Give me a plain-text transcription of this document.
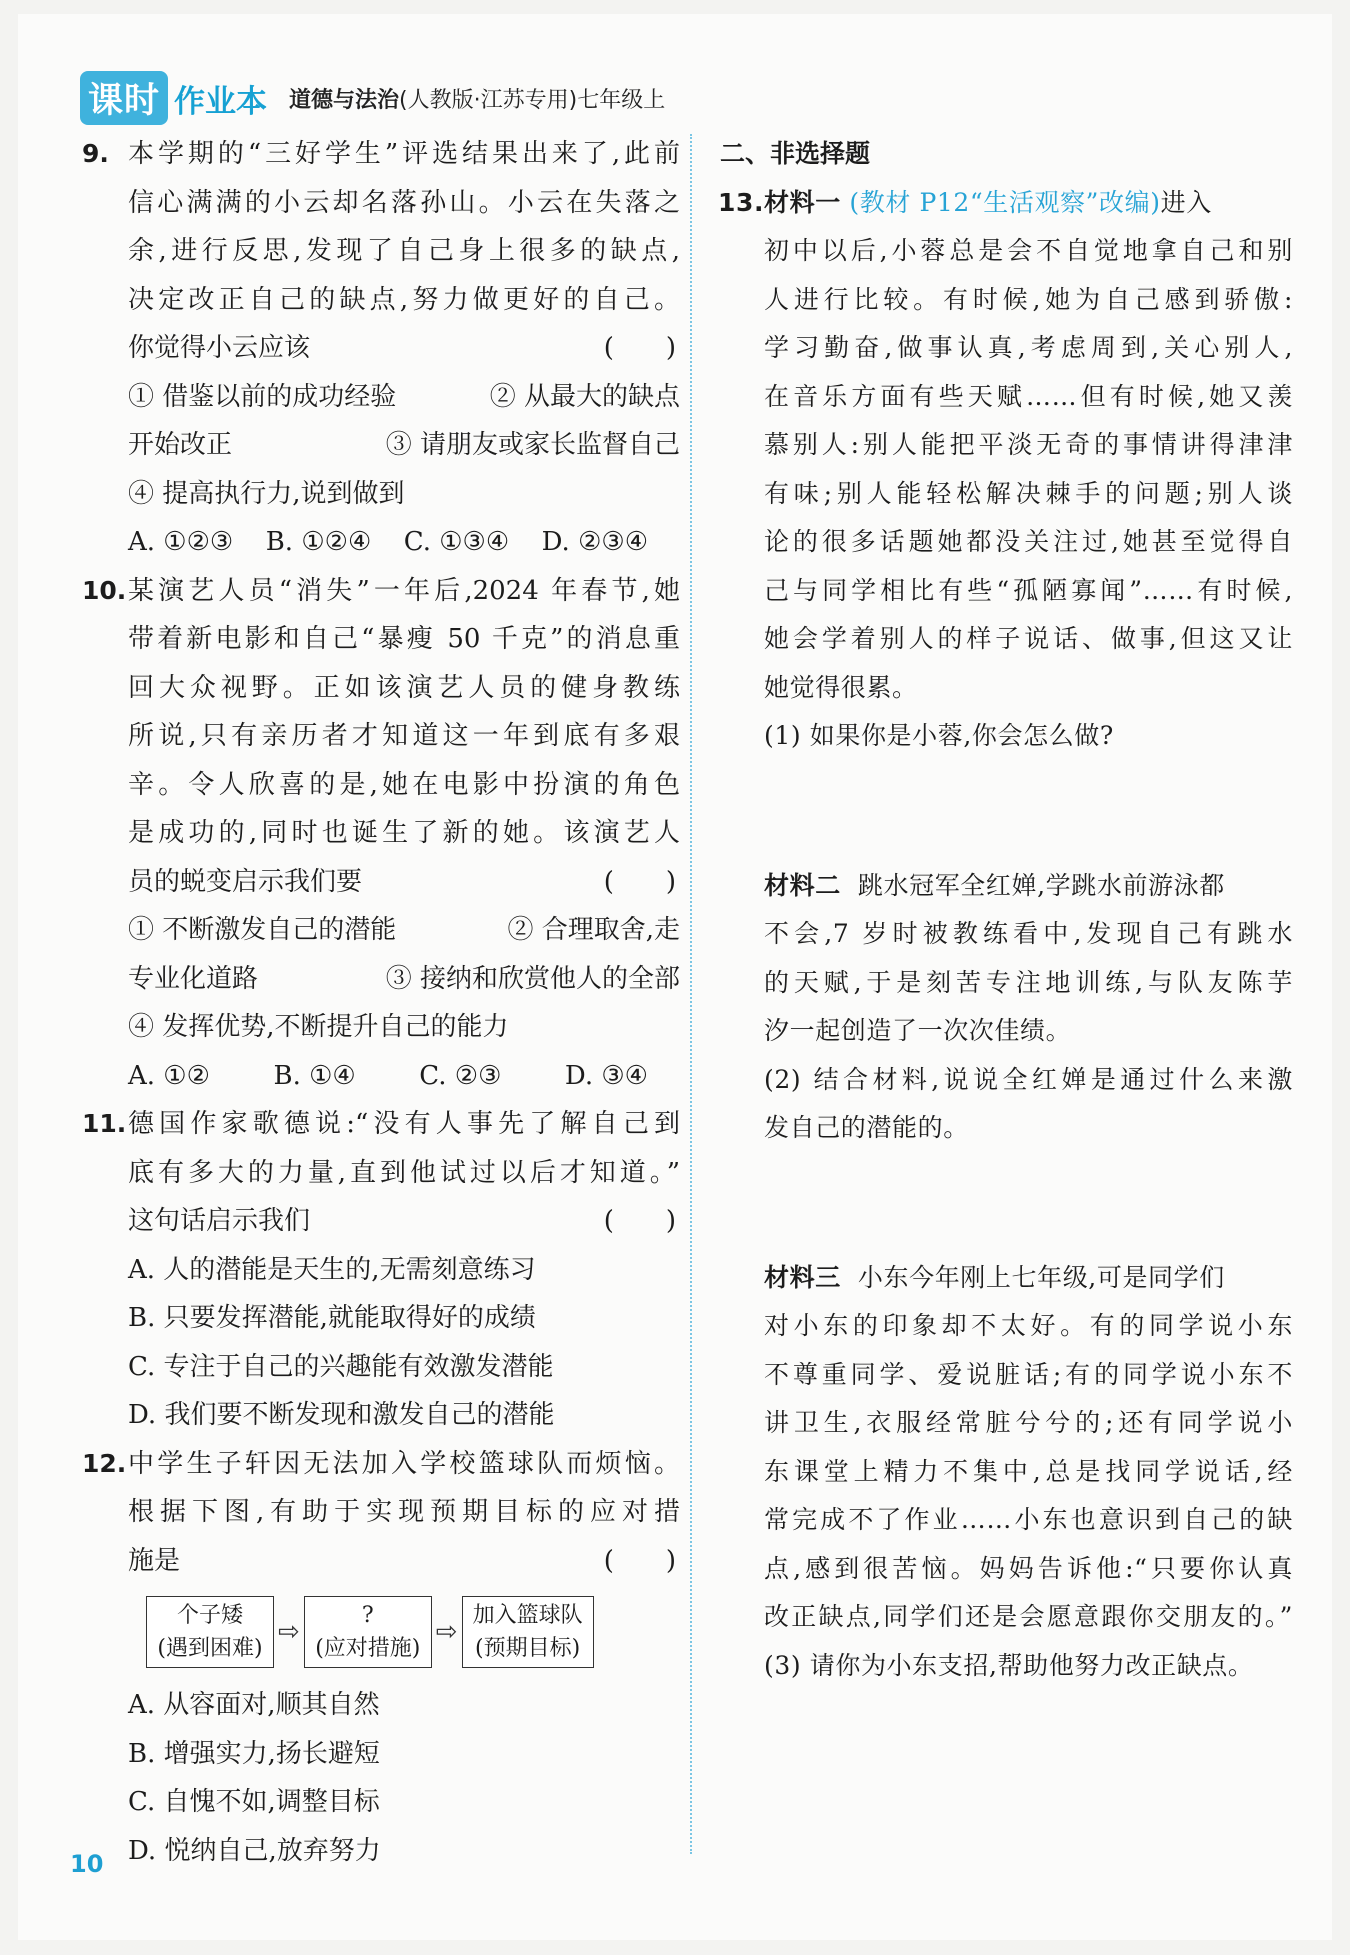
课时 作业本 道德与法治 (人教版·江苏专用)七年级上
9. 本学期的“三好学生”评选结果出来了,此前
信心满满的小云却名落孙山。小云在失落之
余,进行反思,发现了自己身上很多的缺点,
决定改正自己的缺点,努力做更好的自己。
你觉得小云应该	(　　)
① 借鉴以前的成功经验	② 从最大的缺点
开始改正	③ 请朋友或家长监督自己
④ 提高执行力,说到做到
A. ①②③ B. ①②④ C. ①③④ D. ②③④
10. 某演艺人员“消失”一年后,2024 年春节,她
带着新电影和自己“暴瘦 50 千克”的消息重
回大众视野。正如该演艺人员的健身教练
所说,只有亲历者才知道这一年到底有多艰
辛。令人欣喜的是,她在电影中扮演的角色
是成功的,同时也诞生了新的她。该演艺人
员的蜕变启示我们要	(　　)
① 不断激发自己的潜能	② 合理取舍,走
专业化道路	③ 接纳和欣赏他人的全部
④ 发挥优势,不断提升自己的能力
A. ①② B. ①④ C. ②③ D. ③④
11. 德国作家歌德说:“没有人事先了解自己到
底有多大的力量,直到他试过以后才知道。”
这句话启示我们	(　　)
A. 人的潜能是天生的,无需刻意练习
B. 只要发挥潜能,就能取得好的成绩
C. 专注于自己的兴趣能有效激发潜能
D. 我们要不断发现和激发自己的潜能
12. 中学生子轩因无法加入学校篮球队而烦恼。
根据下图,有助于实现预期目标的应对措
施是	(　　)
个子矮
(遇到困难)
⇨
?
(应对措施)
⇨
加入篮球队
(预期目标)
A. 从容面对,顺其自然
B. 增强实力,扬长避短
C. 自愧不如,调整目标
D. 悦纳自己,放弃努力
二、非选择题
13. 材料一 (教材 P12“生活观察”改编)进入
初中以后,小蓉总是会不自觉地拿自己和别
人进行比较。有时候,她为自己感到骄傲:
学习勤奋,做事认真,考虑周到,关心别人,
在音乐方面有些天赋……但有时候,她又羡
慕别人:别人能把平淡无奇的事情讲得津津
有味;别人能轻松解决棘手的问题;别人谈
论的很多话题她都没关注过,她甚至觉得自
己与同学相比有些“孤陋寡闻”……有时候,
她会学着别人的样子说话、做事,但这又让
她觉得很累。
(1) 如果你是小蓉,你会怎么做?
材料二 跳水冠军全红婵,学跳水前游泳都
不会,7 岁时被教练看中,发现自己有跳水
的天赋,于是刻苦专注地训练,与队友陈芋
汐一起创造了一次次佳绩。
(2) 结合材料,说说全红婵是通过什么来激
发自己的潜能的。
材料三 小东今年刚上七年级,可是同学们
对小东的印象却不太好。有的同学说小东
不尊重同学、爱说脏话;有的同学说小东不
讲卫生,衣服经常脏兮兮的;还有同学说小
东课堂上精力不集中,总是找同学说话,经
常完成不了作业……小东也意识到自己的缺
点,感到很苦恼。妈妈告诉他:“只要你认真
改正缺点,同学们还是会愿意跟你交朋友的。”
(3) 请你为小东支招,帮助他努力改正缺点。
10
